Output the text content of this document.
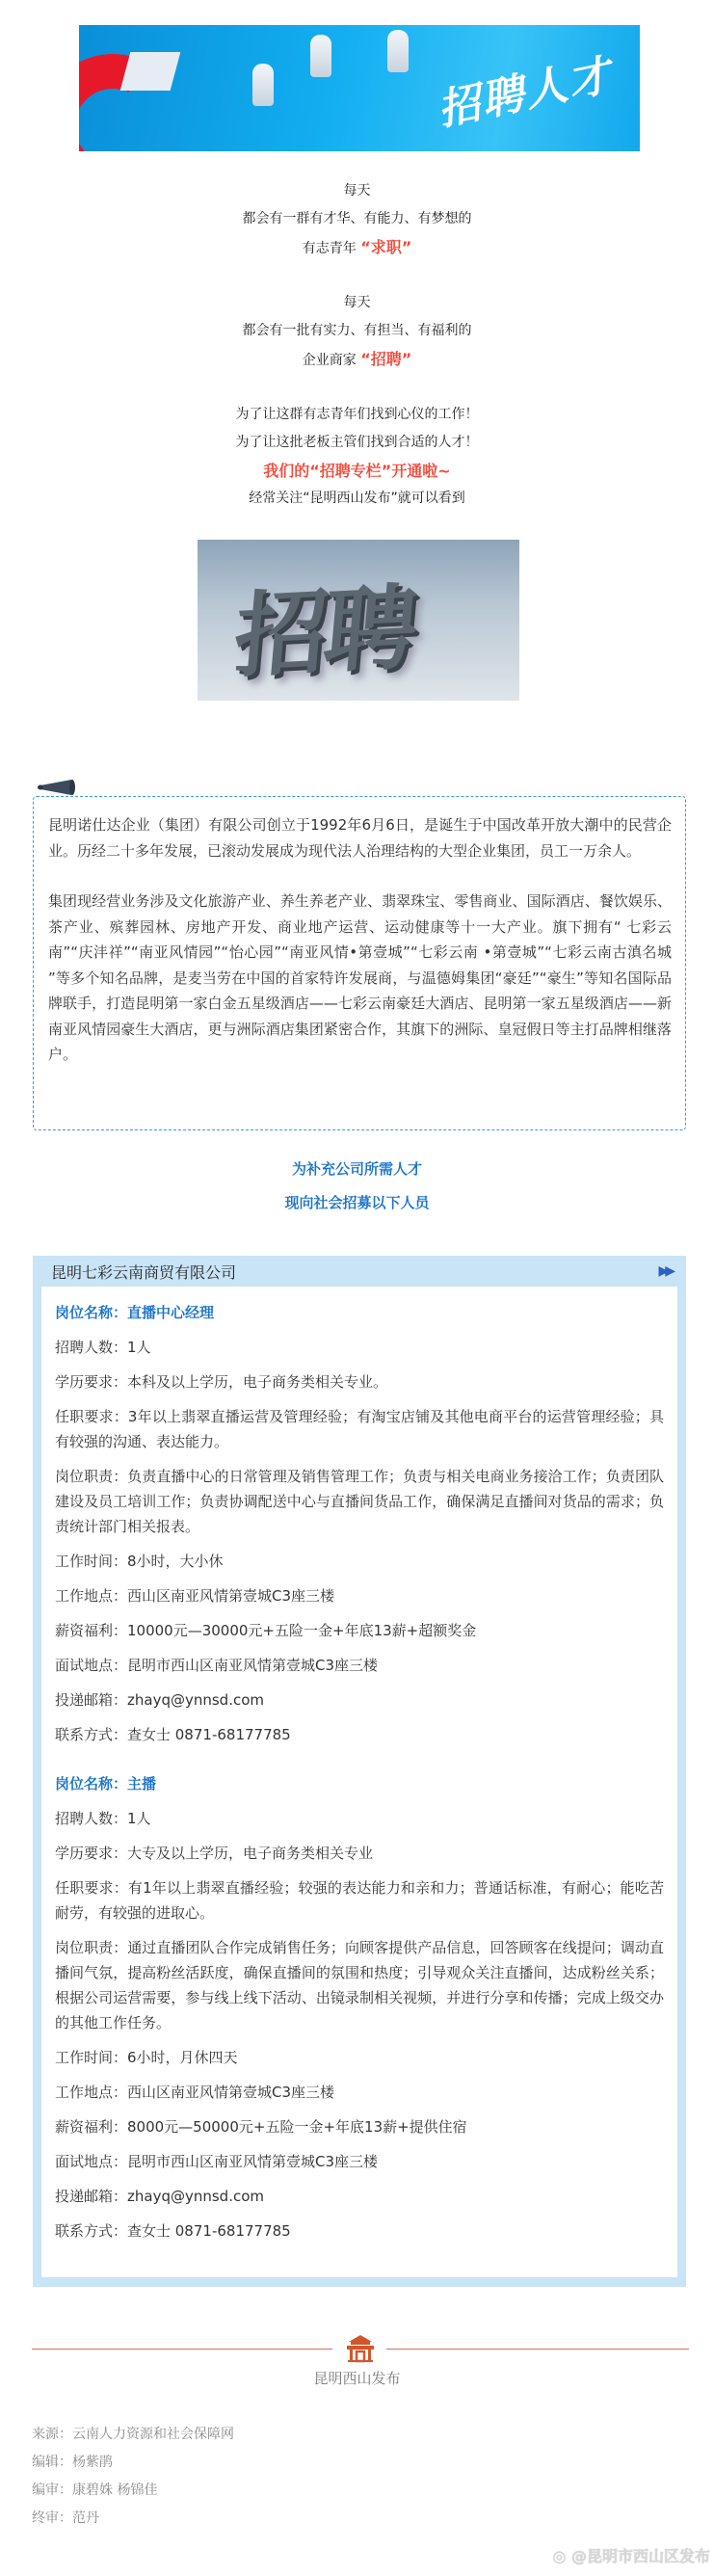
招聘人才
每天
都会有一群有才华、有能力、有梦想的
有志青年 “求职”
每天
都会有一批有实力、有担当、有福利的
企业商家 “招聘”
为了让这群有志青年们找到心仪的工作！
为了让这批老板主管们找到合适的人才！
我们的“招聘专栏”开通啦~
经常关注“昆明西山发布”就可以看到
招聘

昆明诺仕达企业（集团）有限公司创立于1992年6月6日，是诞生于中国改革开放大潮中的民营企业。历经二十多年发展，已滚动发展成为现代法人治理结构的大型企业集团，员工一万余人。

集团现经营业务涉及文化旅游产业、养生养老产业、翡翠珠宝、零售商业、国际酒店、餐饮娱乐、茶产业、殡葬园林、房地产开发、商业地产运营、运动健康等十一大产业。旗下拥有“ 七彩云南”“庆沣祥”“南亚风情园”“怡心园”“南亚风情•第壹城”“七彩云南 •第壹城”“七彩云南古滇名城 ”等多个知名品牌，是麦当劳在中国的首家特许发展商，与温德姆集团“豪廷”“豪生”等知名国际品牌联手，打造昆明第一家白金五星级酒店——七彩云南豪廷大酒店、昆明第一家五星级酒店——新南亚风情园豪生大酒店，更与洲际酒店集团紧密合作，其旗下的洲际、皇冠假日等主打品牌相继落户。

为补充公司所需人才
现向社会招募以下人员
昆明七彩云南商贸有限公司	▶▶
岗位名称：直播中心经理
招聘人数：1人
学历要求：本科及以上学历，电子商务类相关专业。
任职要求：3年以上翡翠直播运营及管理经验；有淘宝店铺及其他电商平台的运营管理经验；具有较强的沟通、表达能力。
岗位职责：负责直播中心的日常管理及销售管理工作；负责与相关电商业务接洽工作；负责团队建设及员工培训工作；负责协调配送中心与直播间货品工作，确保满足直播间对货品的需求；负责统计部门相关报表。
工作时间：8小时，大小休
工作地点：西山区南亚风情第壹城C3座三楼
薪资福利：10000元—30000元+五险一金+年底13薪+超额奖金
面试地点：昆明市西山区南亚风情第壹城C3座三楼
投递邮箱：zhayq@ynnsd.com
联系方式：查女士 0871-68177785
岗位名称：主播
招聘人数：1人
学历要求：大专及以上学历，电子商务类相关专业
任职要求：有1年以上翡翠直播经验；较强的表达能力和亲和力；普通话标准，有耐心；能吃苦耐劳，有较强的进取心。
岗位职责：通过直播团队合作完成销售任务；向顾客提供产品信息，回答顾客在线提问；调动直播间气氛，提高粉丝活跃度，确保直播间的氛围和热度；引导观众关注直播间，达成粉丝关系；根据公司运营需要，参与线上线下活动、出镜录制相关视频，并进行分享和传播；完成上级交办的其他工作任务。
工作时间：6小时，月休四天
工作地点：西山区南亚风情第壹城C3座三楼
薪资福利：8000元—50000元+五险一金+年底13薪+提供住宿
面试地点：昆明市西山区南亚风情第壹城C3座三楼
投递邮箱：zhayq@ynnsd.com
联系方式：查女士 0871-68177785
昆明西山发布
来源：云南人力资源和社会保障网
编辑：杨紫鹃
编审：康碧姝 杨锦佳
终审：范丹
◎ @昆明市西山区发布
